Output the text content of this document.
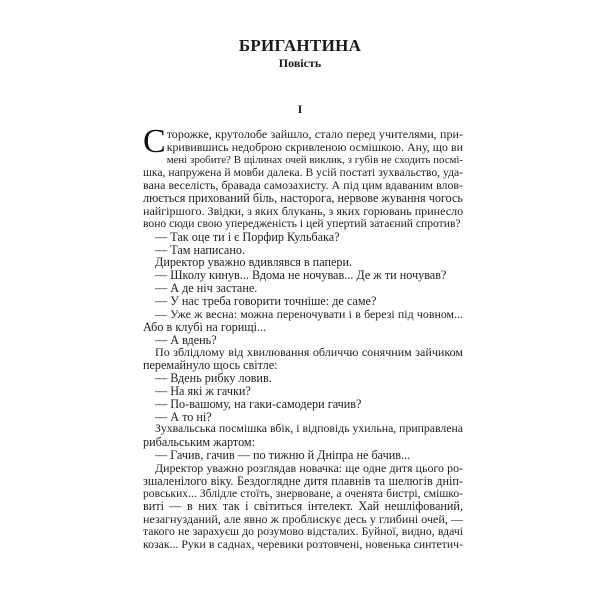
БРИГАНТИНА
Повість
I
С торожке, крутолобе зайшло, стало перед учителями, при-
кривившись недоброю скривленою осмішкою. Ану, що ви
мені зробите? В щілинах очей виклик, з губів не сходить посмі-
шка, напружена й мовби далека. В усій постаті зухвальство, уда-
вана веселість, бравада самозахисту. А під цим вдаваним влов-
люється прихований біль, насторога, нервове жування чогось
найгіршого. Звідки, з яких блукань, з яких горювань принесло
воно сюди свою упередженість і цей упертий затаєний спротив?
— Так оце ти і є Порфир Кульбака?
— Там написано.
Директор уважно вдивлявся в папери.
— Школу кинув... Вдома не ночував... Де ж ти ночував?
— А де ніч застане.
— У нас треба говорити точніше: де саме?
— Уже ж весна: можна переночувати і в березі під човном...
Або в клубі на горищі...
— А вдень?
По зблідлому від хвилювання обличчю сонячним зайчиком
перемайнуло щось світле:
— Вдень рибку ловив.
— На які ж гачки?
— По-вашому, на гаки-самодери гачив?
— А то ні?
Зухвальська посмішка вбік, і відповідь ухильна, приправлена
рибальським жартом:
— Гачив, гачив — по тижню й Дніпра не бачив...
Директор уважно розглядав новачка: ще одне дитя цього ро-
зшаленілого віку. Бездоглядне дитя плавнів та шелюгів дніп-
ровських... Зблідле стоїть, знервоване, а оченята бистрі, смішко-
виті — в них так і світиться інтелект. Хай нешліфований,
незагнузданий, але явно ж проблискує десь у глибині очей, —
такого не зарахуєш до розумово відсталих. Буйної, видно, вдачі
козак... Руки в саднах, черевики розтовчені, новенька синтетич-
